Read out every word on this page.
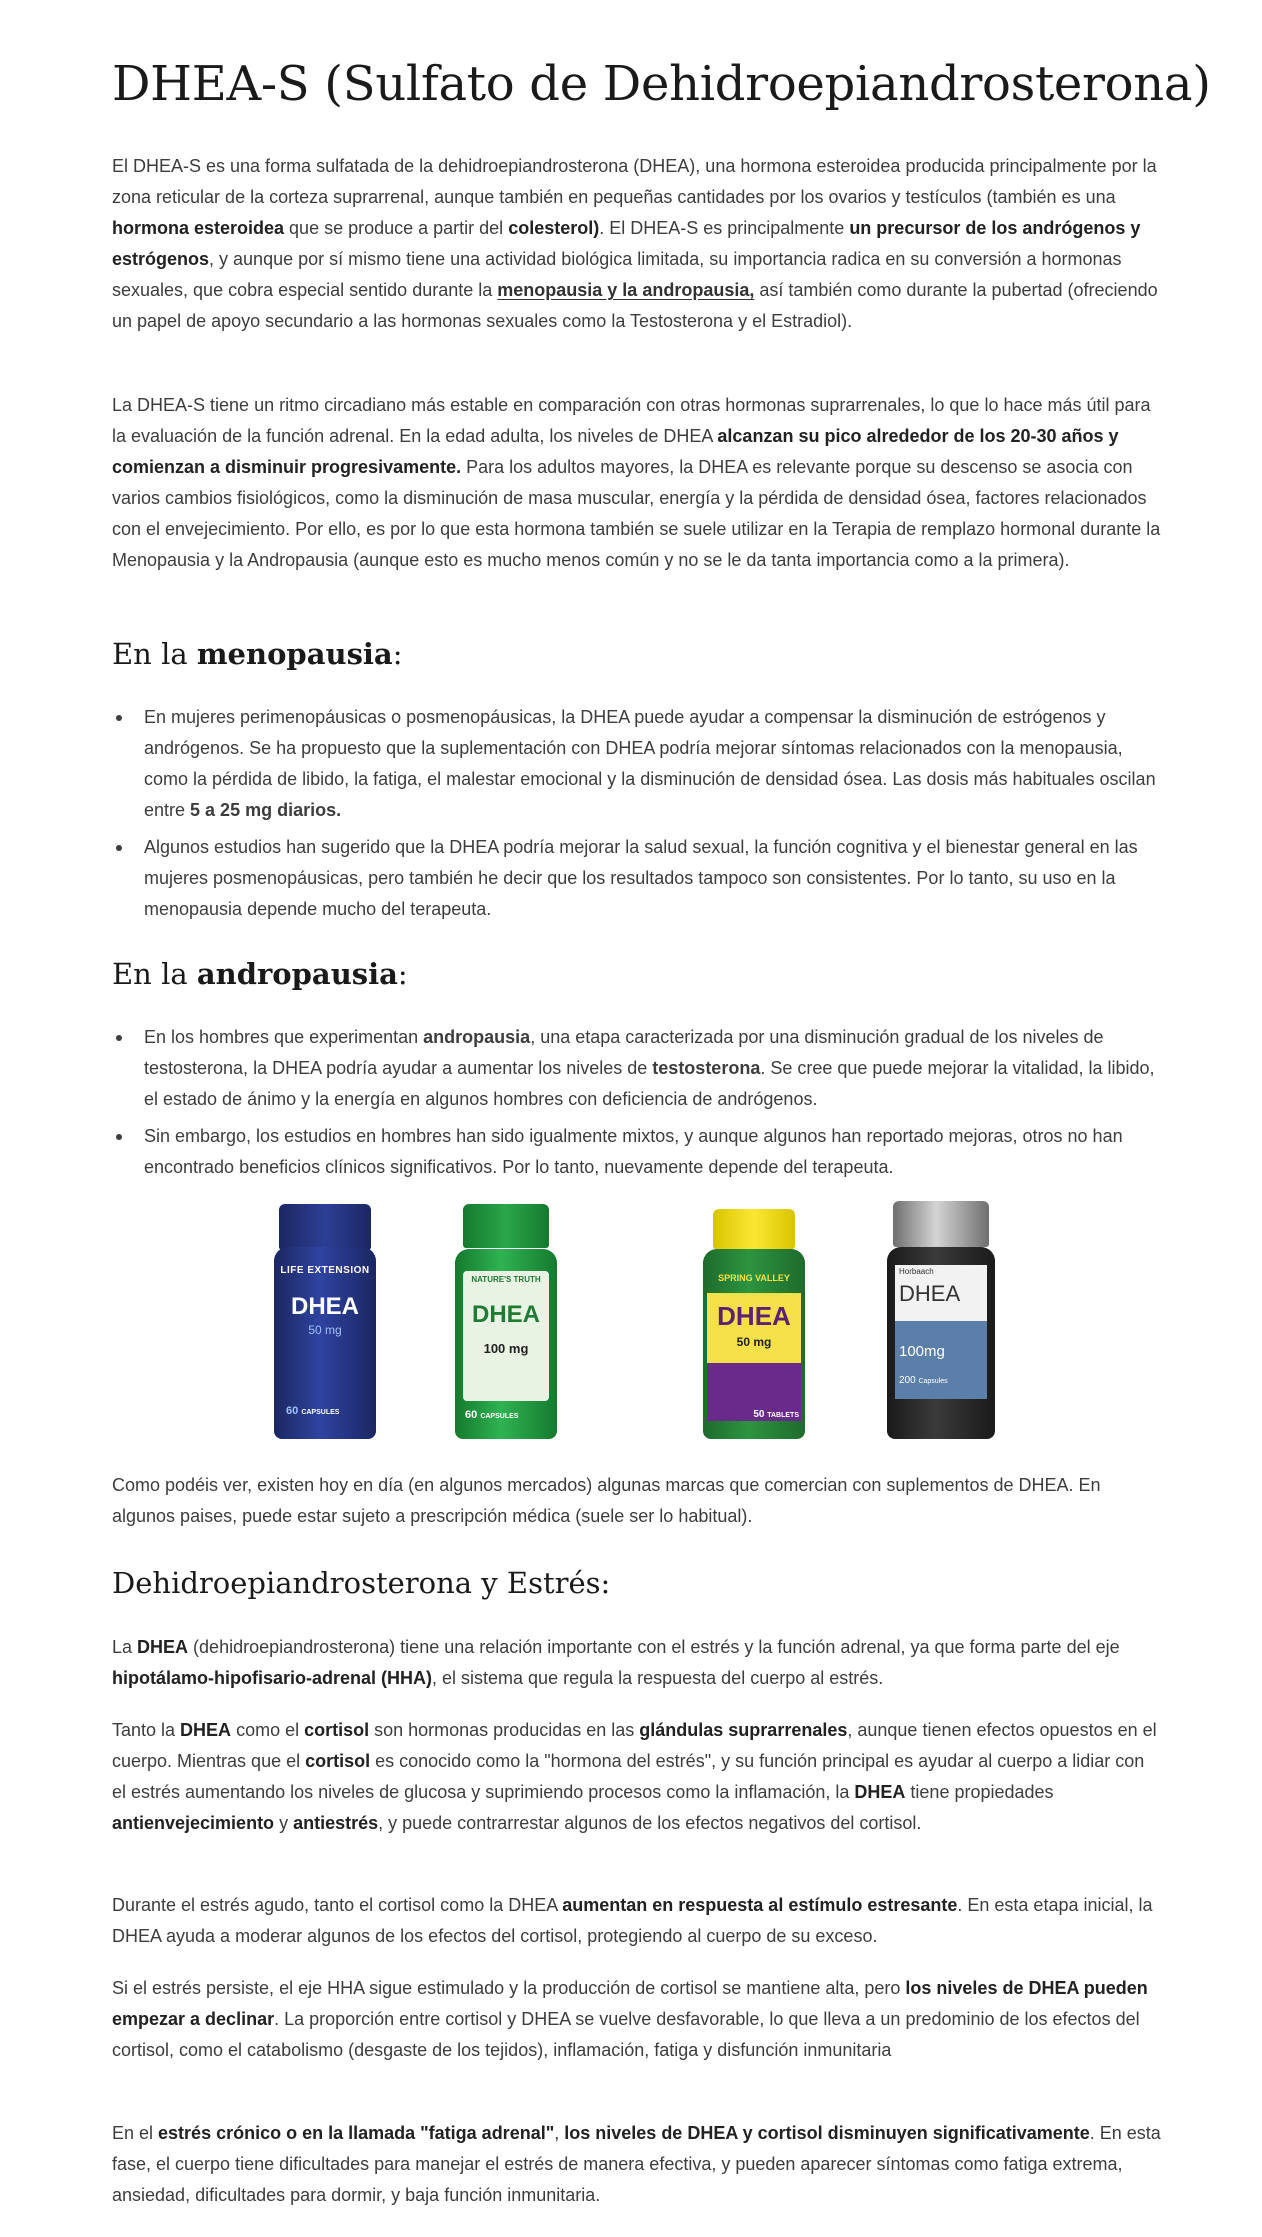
DHEA-S (Sulfato de Dehidroepiandrosterona)

El DHEA-S es una forma sulfatada de la dehidroepiandrosterona (DHEA), una hormona esteroidea producida principalmente por la zona reticular de la corteza suprarrenal, aunque también en pequeñas cantidades por los ovarios y testículos (también es una hormona esteroidea que se produce a partir del colesterol). El DHEA-S es principalmente un precursor de los andrógenos y estrógenos, y aunque por sí mismo tiene una actividad biológica limitada, su importancia radica en su conversión a hormonas sexuales, que cobra especial sentido durante la menopausia y la andropausia, así también como durante la pubertad (ofreciendo un papel de apoyo secundario a las hormonas sexuales como la Testosterona y el Estradiol).

La DHEA-S tiene un ritmo circadiano más estable en comparación con otras hormonas suprarrenales, lo que lo hace más útil para la evaluación de la función adrenal. En la edad adulta, los niveles de DHEA alcanzan su pico alrededor de los 20-30 años y comienzan a disminuir progresivamente. Para los adultos mayores, la DHEA es relevante porque su descenso se asocia con varios cambios fisiológicos, como la disminución de masa muscular, energía y la pérdida de densidad ósea, factores relacionados con el envejecimiento. Por ello, es por lo que esta hormona también se suele utilizar en la Terapia de remplazo hormonal durante la Menopausia y la Andropausia (aunque esto es mucho menos común y no se le da tanta importancia como a la primera).

En la menopausia:
En mujeres perimenopáusicas o posmenopáusicas, la DHEA puede ayudar a compensar la disminución de estrógenos y andrógenos. Se ha propuesto que la suplementación con DHEA podría mejorar síntomas relacionados con la menopausia, como la pérdida de libido, la fatiga, el malestar emocional y la disminución de densidad ósea. Las dosis más habituales oscilan entre 5 a 25 mg diarios.
Algunos estudios han sugerido que la DHEA podría mejorar la salud sexual, la función cognitiva y el bienestar general en las mujeres posmenopáusicas, pero también he decir que los resultados tampoco son consistentes. Por lo tanto, su uso en la menopausia depende mucho del terapeuta.
En la andropausia:
En los hombres que experimentan andropausia, una etapa caracterizada por una disminución gradual de los niveles de testosterona, la DHEA podría ayudar a aumentar los niveles de testosterona. Se cree que puede mejorar la vitalidad, la libido, el estado de ánimo y la energía en algunos hombres con deficiencia de andrógenos.
Sin embargo, los estudios en hombres han sido igualmente mixtos, y aunque algunos han reportado mejoras, otros no han encontrado beneficios clínicos significativos. Por lo tanto, nuevamente depende del terapeuta.

Como podéis ver, existen hoy en día (en algunos mercados) algunas marcas que comercian con suplementos de DHEA. En algunos paises, puede estar sujeto a prescripción médica (suele ser lo habitual).

Dehidroepiandrosterona y Estrés:

La DHEA (dehidroepiandrosterona) tiene una relación importante con el estrés y la función adrenal, ya que forma parte del eje hipotálamo-hipofisario-adrenal (HHA), el sistema que regula la respuesta del cuerpo al estrés.

Tanto la DHEA como el cortisol son hormonas producidas en las glándulas suprarrenales, aunque tienen efectos opuestos en el cuerpo. Mientras que el cortisol es conocido como la "hormona del estrés", y su función principal es ayudar al cuerpo a lidiar con el estrés aumentando los niveles de glucosa y suprimiendo procesos como la inflamación, la DHEA tiene propiedades antienvejecimiento y antiestrés, y puede contrarrestar algunos de los efectos negativos del cortisol.

Durante el estrés agudo, tanto el cortisol como la DHEA aumentan en respuesta al estímulo estresante. En esta etapa inicial, la DHEA ayuda a moderar algunos de los efectos del cortisol, protegiendo al cuerpo de su exceso.

Si el estrés persiste, el eje HHA sigue estimulado y la producción de cortisol se mantiene alta, pero los niveles de DHEA pueden empezar a declinar. La proporción entre cortisol y DHEA se vuelve desfavorable, lo que lleva a un predominio de los efectos del cortisol, como el catabolismo (desgaste de los tejidos), inflamación, fatiga y disfunción inmunitaria

En el estrés crónico o en la llamada "fatiga adrenal", los niveles de DHEA y cortisol disminuyen significativamente. En esta fase, el cuerpo tiene dificultades para manejar el estrés de manera efectiva, y pueden aparecer síntomas como fatiga extrema, ansiedad, dificultades para dormir, y baja función inmunitaria.

LIFE EXTENSION
DHEA
50 mg
60 CAPSULES
NATURE'S TRUTH
DHEA
100 mg
60 CAPSULES
SPRING VALLEY
DHEA
50 mg
50 TABLETS
Horbaach
DHEA
100mg
200 Capsules
